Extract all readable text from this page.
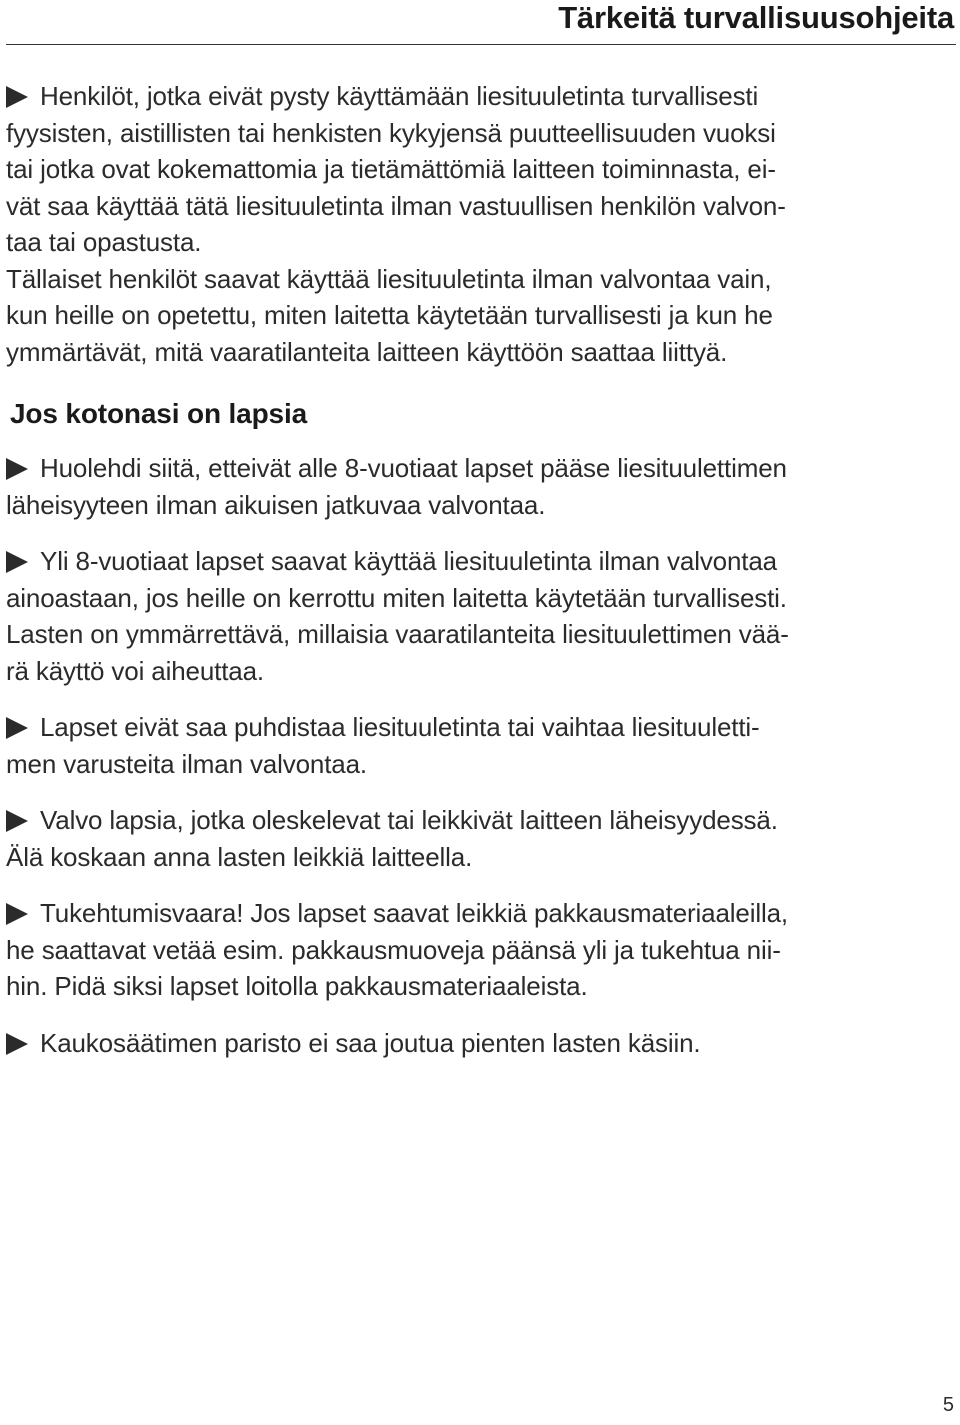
Tärkeitä turvallisuusohjeita

Henkilöt, jotka eivät pysty käyttämään liesituuletinta turvallisesti
fyysisten, aistillisten tai henkisten kykyjensä puutteellisuuden vuoksi
tai jotka ovat kokemattomia ja tietämättömiä laitteen toiminnasta, ei-
vät saa käyttää tätä liesituuletinta ilman vastuullisen henkilön valvon-
taa tai opastusta.

Tällaiset henkilöt saavat käyttää liesituuletinta ilman valvontaa vain,
kun heille on opetettu, miten laitetta käytetään turvallisesti ja kun he
ymmärtävät, mitä vaaratilanteita laitteen käyttöön saattaa liittyä.

Jos kotonasi on lapsia

Huolehdi siitä, etteivät alle 8-vuotiaat lapset pääse liesituulettimen
läheisyyteen ilman aikuisen jatkuvaa valvontaa.

Yli 8-vuotiaat lapset saavat käyttää liesituuletinta ilman valvontaa
ainoastaan, jos heille on kerrottu miten laitetta käytetään turvallisesti.
Lasten on ymmärrettävä, millaisia vaaratilanteita liesituulettimen vää-
rä käyttö voi aiheuttaa.

Lapset eivät saa puhdistaa liesituuletinta tai vaihtaa liesituuletti-
men varusteita ilman valvontaa.

Valvo lapsia, jotka oleskelevat tai leikkivät laitteen läheisyydessä.
Älä koskaan anna lasten leikkiä laitteella.

Tukehtumisvaara! Jos lapset saavat leikkiä pakkausmateriaaleilla,
he saattavat vetää esim. pakkausmuoveja päänsä yli ja tukehtua nii-
hin. Pidä siksi lapset loitolla pakkausmateriaaleista.

Kaukosäätimen paristo ei saa joutua pienten lasten käsiin.

5
